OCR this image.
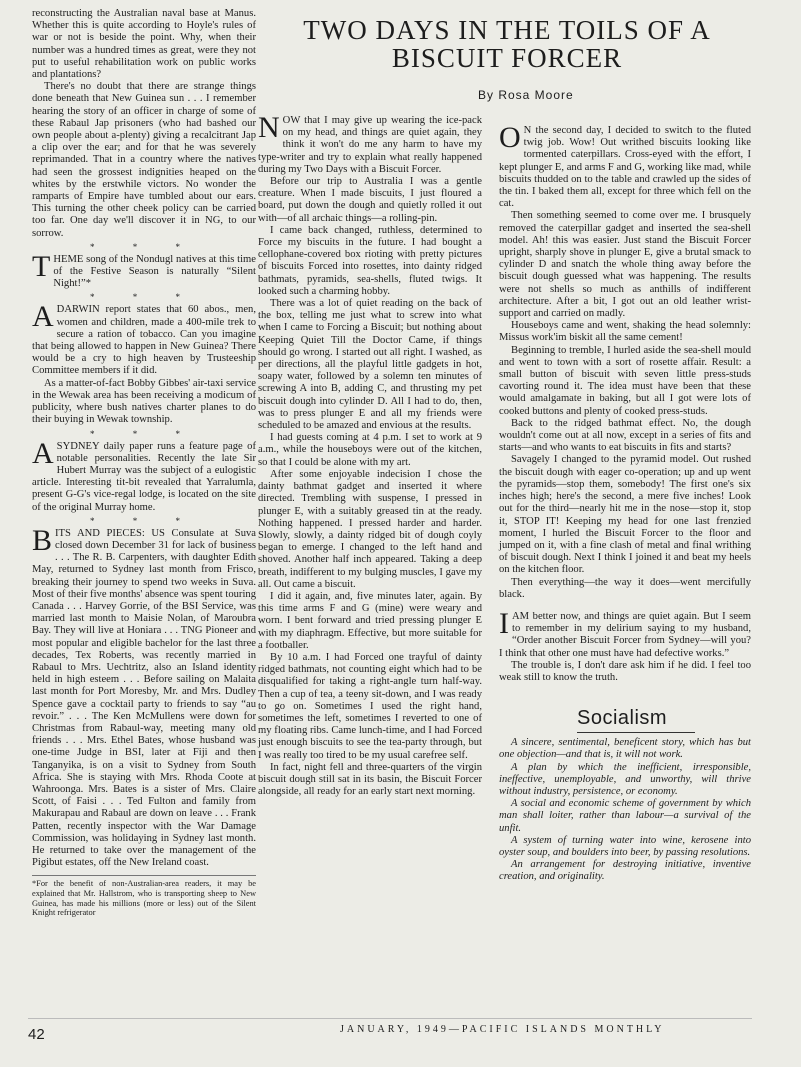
reconstructing the Australian naval base at Manus. Whether this is quite according to Hoyle's rules of war or not is beside the point. Why, when their number was a hundred times as great, were they not put to useful rehabilitation work on public works and plantations?

There's no doubt that there are strange things done beneath that New Guinea sun . . . I remember hearing the story of an officer in charge of some of these Rabaul Jap prisoners (who had bashed our own people about a-plenty) giving a recalcitrant Jap a clip over the ear; and for that he was severely reprimanded. That in a country where the natives had seen the grossest indignities heaped on the whites by the erstwhile victors. No wonder the ramparts of Empire have tumbled about our ears. This turning the other cheek policy can be carried too far. One day we'll discover it in NG, to our sorrow.

* * *

THEME song of the Nondugl natives at this time of the Festive Season is naturally “Silent Night!”*

* * *

A DARWIN report states that 60 abos., men, women and children, made a 400-mile trek to secure a ration of tobacco. Can you imagine that being allowed to happen in New Guinea? There would be a cry to high heaven by Trusteeship Committee members if it did.

As a matter-of-fact Bobby Gibbes' air-taxi service in the Wewak area has been receiving a modicum of publicity, where bush natives charter planes to do their buying in Wewak township.

* * *

A SYDNEY daily paper runs a feature page of notable personalities. Recently the late Sir Hubert Murray was the subject of a eulogistic article. Interesting tit-bit revealed that Yarralumla, present G-G's vice-regal lodge, is located on the site of the original Murray home.

* * *

BITS AND PIECES: US Consulate at Suva closed down December 31 for lack of business . . . The R. B. Carpenters, with daughter Edith May, returned to Sydney last month from Frisco, breaking their journey to spend two weeks in Suva. Most of their five months' absence was spent touring Canada . . . Harvey Gorrie, of the BSI Service, was married last month to Maisie Nolan, of Maroubra Bay. They will live at Honiara . . . TNG Pioneer and most popular and eligible bachelor for the last three decades, Tex Roberts, was recently married in Rabaul to Mrs. Uechtritz, also an Island identity held in high esteem . . . Before sailing on Malaita last month for Port Moresby, Mr. and Mrs. Dudley Spence gave a cocktail party to friends to say “au revoir.” . . . The Ken McMullens were down for Christmas from Rabaul-way, meeting many old friends . . . Mrs. Ethel Bates, whose husband was one-time Judge in BSI, later at Fiji and then Tanganyika, is on a visit to Sydney from South Africa. She is staying with Mrs. Rhoda Coote at Wahroonga. Mrs. Bates is a sister of Mrs. Claire Scott, of Faisi . . . Ted Fulton and family from Makurapau and Rabaul are down on leave . . . Frank Patten, recently inspector with the War Damage Commission, was holidaying in Sydney last month. He returned to take over the management of the Pigibut estates, off the New Ireland coast.

*For the benefit of non-Australian-area readers, it may be explained that Mr. Hallstrom, who is transporting sheep to New Guinea, has made his millions (more or less) out of the Silent Knight refrigerator
TWO DAYS IN THE TOILS OF A BISCUIT FORCER
By Rosa Moore

NOW that I may give up wearing the ice-pack on my head, and things are quiet again, they think it won't do me any harm to have my type-writer and try to explain what really happened during my Two Days with a Biscuit Forcer.

Before our trip to Australia I was a gentle creature. When I made biscuits, I just floured a board, put down the dough and quietly rolled it out with—of all archaic things—a rolling-pin.

I came back changed, ruthless, determined to Force my biscuits in the future. I had bought a cellophane-covered box rioting with pretty pictures of biscuits Forced into rosettes, into dainty ridged bathmats, pyramids, sea-shells, fluted twigs. It looked such a charming hobby.

There was a lot of quiet reading on the back of the box, telling me just what to screw into what when I came to Forcing a Biscuit; but nothing about Keeping Quiet Till the Doctor Came, if things should go wrong. I started out all right. I washed, as per directions, all the playful little gadgets in hot, soapy water, followed by a solemn ten minutes of screwing A into B, adding C, and thrusting my pet biscuit dough into cylinder D. All I had to do, then, was to press plunger E and all my friends were scheduled to be amazed and envious at the results.

I had guests coming at 4 p.m. I set to work at 9 a.m., while the houseboys were out of the kitchen, so that I could be alone with my art.

After some enjoyable indecision I chose the dainty bathmat gadget and inserted it where directed. Trembling with suspense, I pressed in plunger E, with a suitably greased tin at the ready. Nothing happened. I pressed harder and harder. Slowly, slowly, a dainty ridged bit of dough coyly began to emerge. I changed to the left hand and shoved. Another half inch appeared. Taking a deep breath, indifferent to my bulging muscles, I gave my all. Out came a biscuit.

I did it again, and, five minutes later, again. By this time arms F and G (mine) were weary and worn. I bent forward and tried pressing plunger E with my diaphragm. Effective, but more suitable for a footballer.

By 10 a.m. I had Forced one trayful of dainty ridged bathmats, not counting eight which had to be disqualified for taking a right-angle turn half-way. Then a cup of tea, a teeny sit-down, and I was ready to go on. Sometimes I used the right hand, sometimes the left, sometimes I reverted to one of my floating ribs. Came lunch-time, and I had Forced just enough biscuits to see the tea-party through, but I was really too tired to be my usual carefree self.

In fact, night fell and three-quarters of the virgin biscuit dough still sat in its basin, the Biscuit Forcer alongside, all ready for an early start next morning.

O N the second day, I decided to switch to the fluted twig job. Wow! Out writhed biscuits looking like tormented caterpillars. Cross-eyed with the effort, I kept plunger E, and arms F and G, working like mad, while biscuits thudded on to the table and crawled up the sides of the tin. I baked them all, except for three which fell on the cat.

Then something seemed to come over me. I brusquely removed the caterpillar gadget and inserted the sea-shell model. Ah! this was easier. Just stand the Biscuit Forcer upright, sharply shove in plunger E, give a brutal smack to cylinder D and snatch the whole thing away before the biscuit dough guessed what was happening. The results were not shells so much as anthills of indifferent architecture. After a bit, I got out an old leather wrist-support and carried on madly.

Houseboys came and went, shaking the head solemnly: Missus work'im biskit all the same cement!

Beginning to tremble, I hurled aside the sea-shell mould and went to town with a sort of rosette affair. Result: a small button of biscuit with seven little press-studs cavorting round it. The idea must have been that these would amalgamate in baking, but all I got were lots of cooked buttons and plenty of cooked press-studs.

Back to the ridged bathmat effect. No, the dough wouldn't come out at all now, except in a series of fits and starts—and who wants to eat biscuits in fits and starts?

Savagely I changed to the pyramid model. Out rushed the biscuit dough with eager co-operation; up and up went the pyramids—stop them, somebody! The first one's six inches high; here's the second, a mere five inches! Look out for the third—nearly hit me in the nose—stop it, stop it, STOP IT! Keeping my head for one last frenzied moment, I hurled the Biscuit Forcer to the floor and jumped on it, with a fine clash of metal and final writhing of biscuit dough. Next I think I joined it and beat my heels on the kitchen floor.

Then everything—the way it does—went mercifully black.

I AM better now, and things are quiet again. But I seem to remember in my delirium saying to my husband, “Order another Biscuit Forcer from Sydney—will you? I think that other one must have had defective works.”

The trouble is, I don't dare ask him if he did. I feel too weak still to know the truth.

Socialism

A sincere, sentimental, beneficent story, which has but one objection—and that is, it will not work.

A plan by which the inefficient, irresponsible, ineffective, unemployable, and unworthy, will thrive without industry, persistence, or economy.

A social and economic scheme of government by which man shall loiter, rather than labour—a survival of the unfit.

A system of turning water into wine, kerosene into oyster soup, and boulders into beer, by passing resolutions.

An arrangement for destroying initiative, inventive creation, and originality.

42	JANUARY, 1949—PACIFIC ISLANDS MONTHLY
